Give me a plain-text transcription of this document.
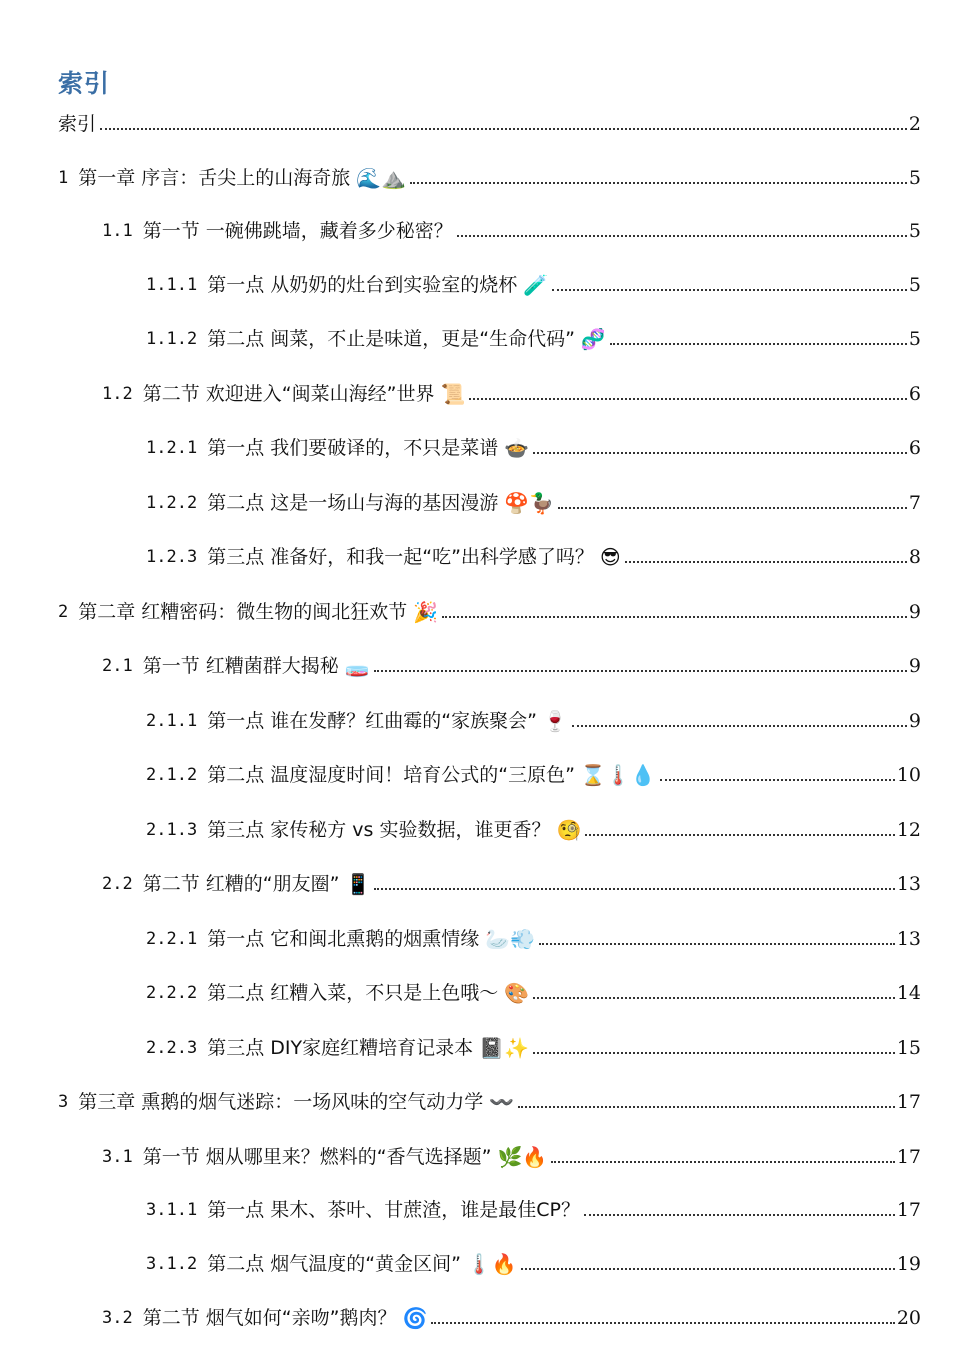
索引
索引	2
1 第一章 序言：舌尖上的山海奇旅 🌊⛰️	5
1.1 第一节 一碗佛跳墙，藏着多少秘密？	5
1.1.1 第一点 从奶奶的灶台到实验室的烧杯 🧪	5
1.1.2 第二点 闽菜，不止是味道，更是“生命代码” 🧬	5
1.2 第二节 欢迎进入“闽菜山海经”世界 📜	6
1.2.1 第一点 我们要破译的，不只是菜谱 🍲	6
1.2.2 第二点 这是一场山与海的基因漫游 🍄🦆	7
1.2.3 第三点 准备好，和我一起“吃”出科学感了吗？ 😎	8
2 第二章 红糟密码：微生物的闽北狂欢节 🎉	9
2.1 第一节 红糟菌群大揭秘 🧫	9
2.1.1 第一点 谁在发酵？红曲霉的“家族聚会” 🍷	9
2.1.2 第二点 温度湿度时间！培育公式的“三原色” ⌛🌡️💧	10
2.1.3 第三点 家传秘方 vs 实验数据，谁更香？ 🧐	12
2.2 第二节 红糟的“朋友圈” 📱	13
2.2.1 第一点 它和闽北熏鹅的烟熏情缘 🦢💨	13
2.2.2 第二点 红糟入菜，不只是上色哦～ 🎨	14
2.2.3 第三点 DIY家庭红糟培育记录本 📓✨	15
3 第三章 熏鹅的烟气迷踪：一场风味的空气动力学 〰️	17
3.1 第一节 烟从哪里来？燃料的“香气选择题” 🌿🔥	17
3.1.1 第一点 果木、茶叶、甘蔗渣，谁是最佳CP？	17
3.1.2 第二点 烟气温度的“黄金区间” 🌡️🔥	19
3.2 第二节 烟气如何“亲吻”鹅肉？ 🌀	20
